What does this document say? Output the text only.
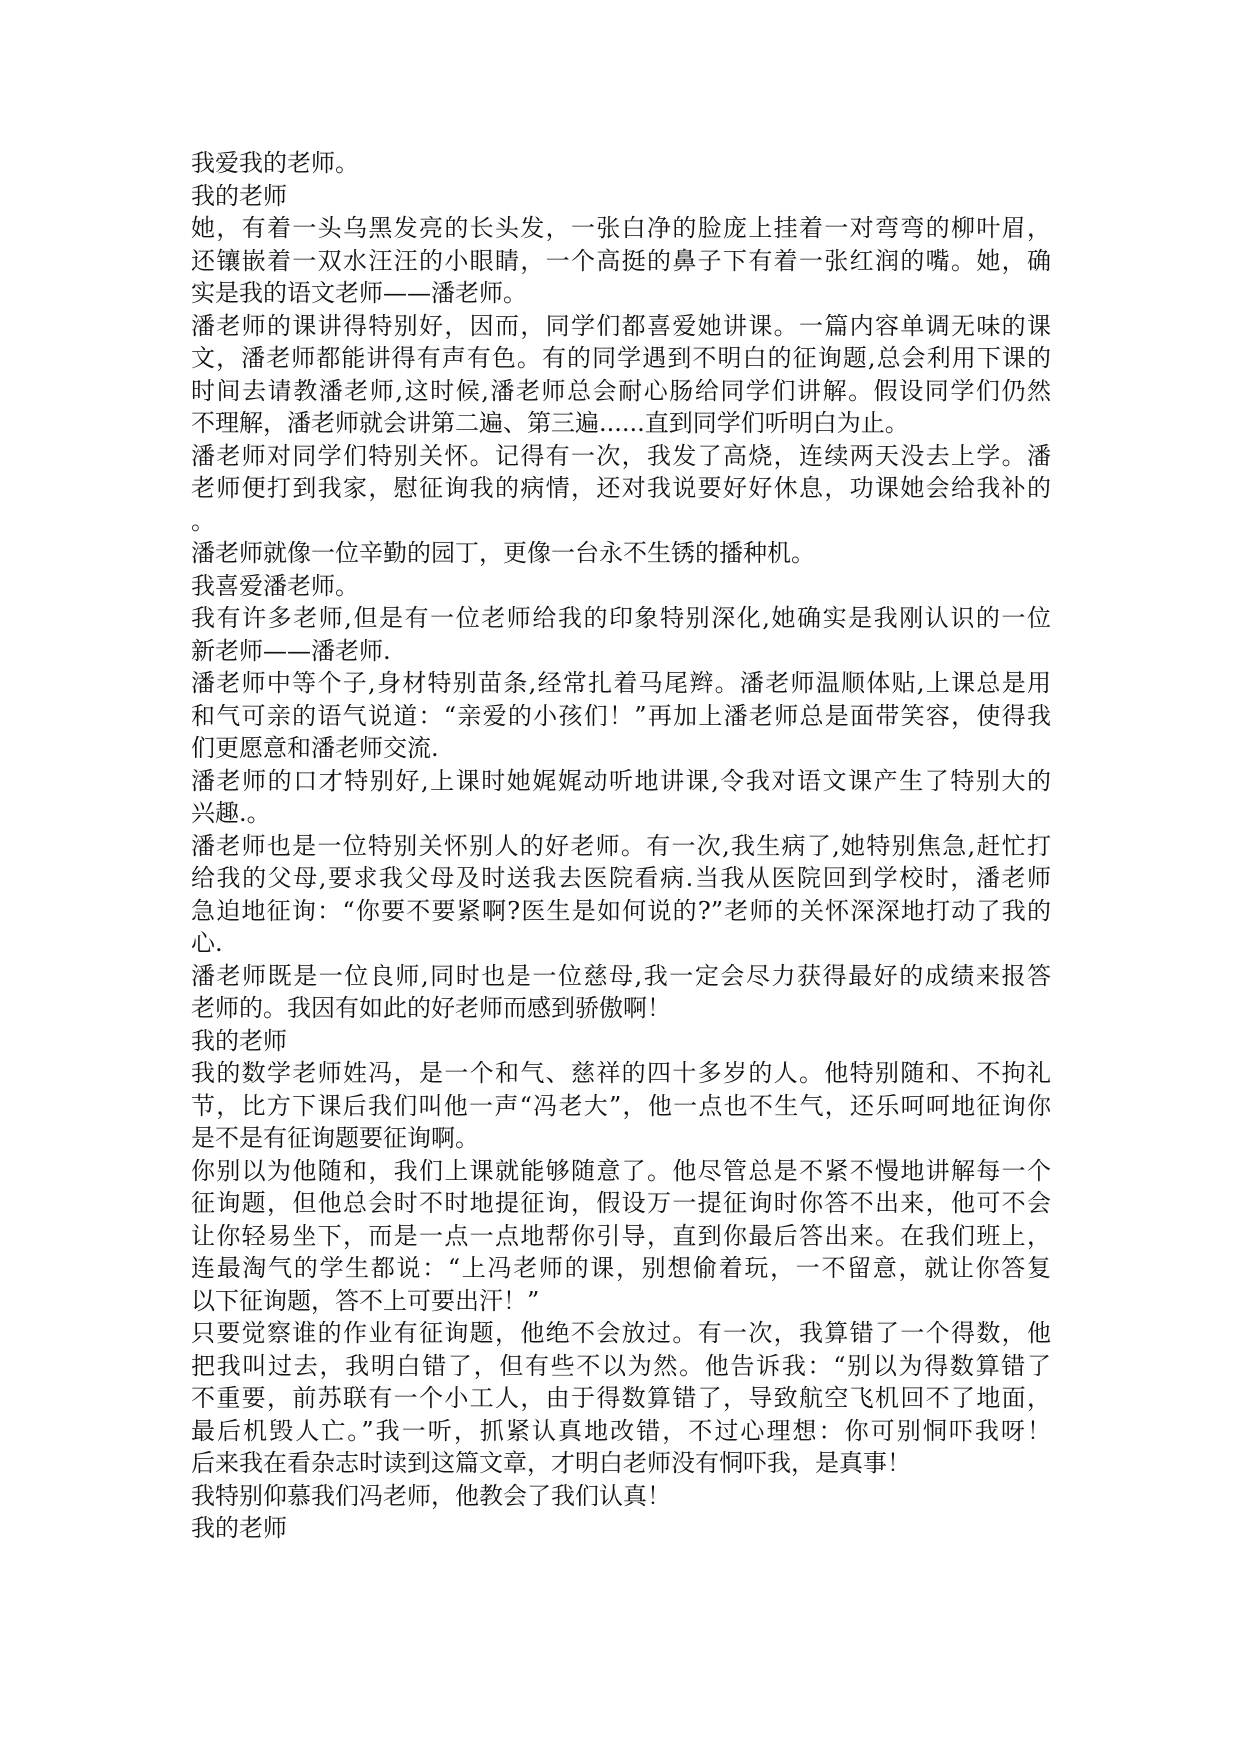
我爱我的老师。
我的老师
她，有着一头乌黑发亮的长头发，一张白净的脸庞上挂着一对弯弯的柳叶眉，
还镶嵌着一双水汪汪的小眼睛，一个高挺的鼻子下有着一张红润的嘴。她，确
实是我的语文老师——潘老师。
潘老师的课讲得特别好，因而，同学们都喜爱她讲课。一篇内容单调无味的课
文，潘老师都能讲得有声有色。有的同学遇到不明白的征询题,总会利用下课的
时间去请教潘老师,这时候,潘老师总会耐心肠给同学们讲解。假设同学们仍然
不理解，潘老师就会讲第二遍、第三遍......直到同学们听明白为止。
潘老师对同学们特别关怀。记得有一次，我发了高烧，连续两天没去上学。潘
老师便打到我家，慰征询我的病情，还对我说要好好休息，功课她会给我补的
。
潘老师就像一位辛勤的园丁，更像一台永不生锈的播种机。
我喜爱潘老师。
我有许多老师,但是有一位老师给我的印象特别深化,她确实是我刚认识的一位
新老师——潘老师.
潘老师中等个子,身材特别苗条,经常扎着马尾辫。潘老师温顺体贴,上课总是用
和气可亲的语气说道：“亲爱的小孩们！”再加上潘老师总是面带笑容，使得我
们更愿意和潘老师交流.
潘老师的口才特别好,上课时她娓娓动听地讲课,令我对语文课产生了特别大的
兴趣.。
潘老师也是一位特别关怀别人的好老师。有一次,我生病了,她特别焦急,赶忙打
给我的父母,要求我父母及时送我去医院看病.当我从医院回到学校时，潘老师
急迫地征询：“你要不要紧啊?医生是如何说的?”老师的关怀深深地打动了我的
心.
潘老师既是一位良师,同时也是一位慈母,我一定会尽力获得最好的成绩来报答
老师的。我因有如此的好老师而感到骄傲啊！
我的老师
我的数学老师姓冯，是一个和气、慈祥的四十多岁的人。他特别随和、不拘礼
节，比方下课后我们叫他一声“冯老大”，他一点也不生气，还乐呵呵地征询你
是不是有征询题要征询啊。
你别以为他随和，我们上课就能够随意了。他尽管总是不紧不慢地讲解每一个
征询题，但他总会时不时地提征询，假设万一提征询时你答不出来，他可不会
让你轻易坐下，而是一点一点地帮你引导，直到你最后答出来。在我们班上，
连最淘气的学生都说：“上冯老师的课，别想偷着玩，一不留意，就让你答复
以下征询题，答不上可要出汗！”
只要觉察谁的作业有征询题，他绝不会放过。有一次，我算错了一个得数，他
把我叫过去，我明白错了，但有些不以为然。他告诉我：“别以为得数算错了
不重要，前苏联有一个小工人，由于得数算错了，导致航空飞机回不了地面，
最后机毁人亡。”我一听，抓紧认真地改错，不过心理想：你可别恫吓我呀！
后来我在看杂志时读到这篇文章，才明白老师没有恫吓我，是真事！
我特别仰慕我们冯老师，他教会了我们认真！
我的老师
